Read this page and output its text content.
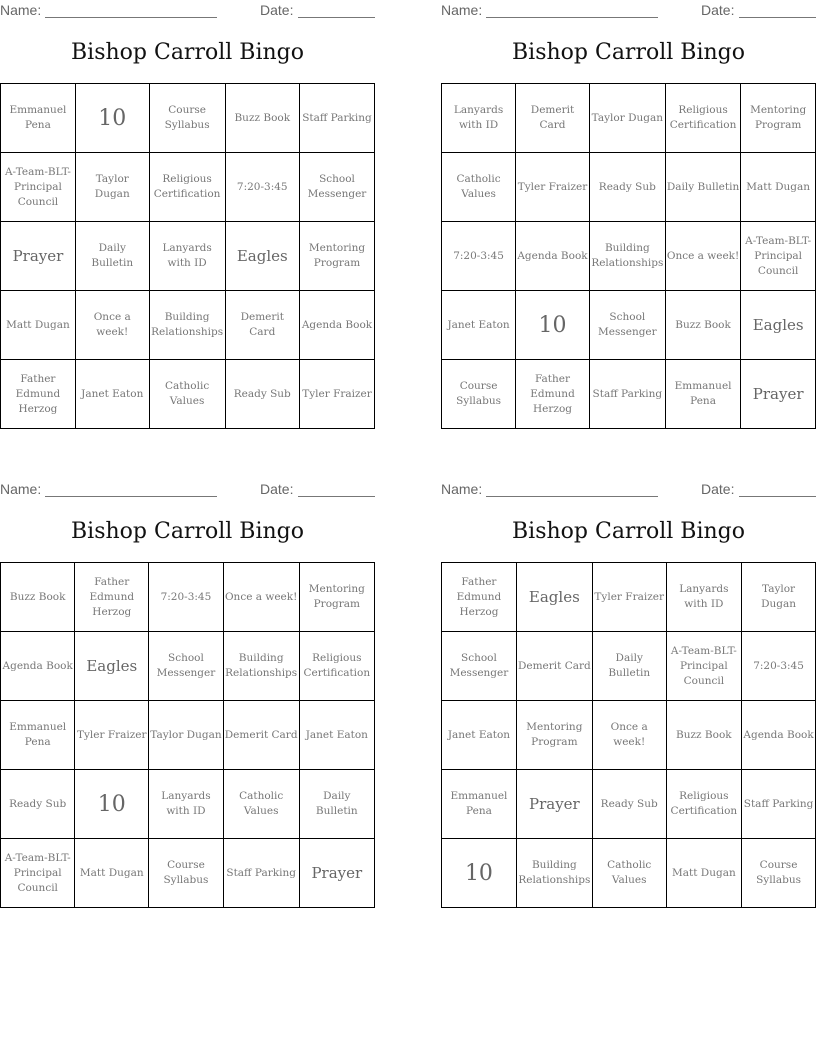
Name:	Date:
Bishop Carroll Bingo
Emmanuel Pena	10	Course Syllabus	Buzz Book	Staff Parking
A-Team-BLT-Principal Council	Taylor Dugan	Religious Certification	7:20-3:45	School Messenger
Prayer	Daily Bulletin	Lanyards with ID	Eagles	Mentoring Program
Matt Dugan	Once a week!	Building Relationships	Demerit Card	Agenda Book
Father Edmund Herzog	Janet Eaton	Catholic Values	Ready Sub	Tyler Fraizer
Name:	Date:
Bishop Carroll Bingo
Lanyards with ID	Demerit Card	Taylor Dugan	Religious Certification	Mentoring Program
Catholic Values	Tyler Fraizer	Ready Sub	Daily Bulletin	Matt Dugan
7:20-3:45	Agenda Book	Building Relationships	Once a week!	A-Team-BLT-Principal Council
Janet Eaton	10	School Messenger	Buzz Book	Eagles
Course Syllabus	Father Edmund Herzog	Staff Parking	Emmanuel Pena	Prayer
Name:	Date:
Bishop Carroll Bingo
Buzz Book	Father Edmund Herzog	7:20-3:45	Once a week!	Mentoring Program
Agenda Book	Eagles	School Messenger	Building Relationships	Religious Certification
Emmanuel Pena	Tyler Fraizer	Taylor Dugan	Demerit Card	Janet Eaton
Ready Sub	10	Lanyards with ID	Catholic Values	Daily Bulletin
A-Team-BLT-Principal Council	Matt Dugan	Course Syllabus	Staff Parking	Prayer
Name:	Date:
Bishop Carroll Bingo
Father Edmund Herzog	Eagles	Tyler Fraizer	Lanyards with ID	Taylor Dugan
School Messenger	Demerit Card	Daily Bulletin	A-Team-BLT-Principal Council	7:20-3:45
Janet Eaton	Mentoring Program	Once a week!	Buzz Book	Agenda Book
Emmanuel Pena	Prayer	Ready Sub	Religious Certification	Staff Parking
10	Building Relationships	Catholic Values	Matt Dugan	Course Syllabus
